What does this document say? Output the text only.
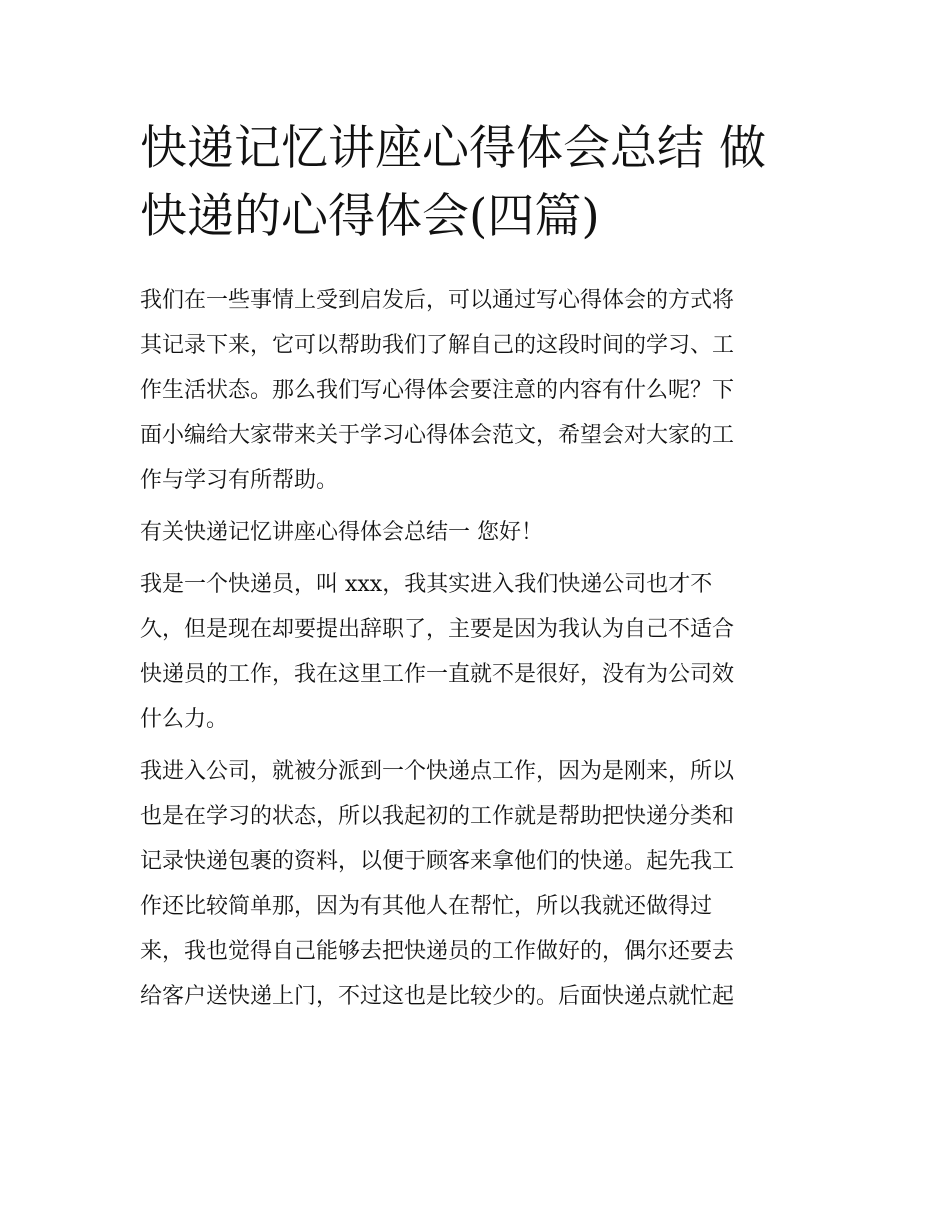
快递记忆讲座心得体会总结 做
快递的心得体会(四篇)
我们在一些事情上受到启发后，可以通过写心得体会的方式将
其记录下来，它可以帮助我们了解自己的这段时间的学习、工
作生活状态。那么我们写心得体会要注意的内容有什么呢？下
面小编给大家带来关于学习心得体会范文，希望会对大家的工
作与学习有所帮助。
有关快递记忆讲座心得体会总结一 您好！
我是一个快递员，叫 xxx，我其实进入我们快递公司也才不
久，但是现在却要提出辞职了，主要是因为我认为自己不适合
快递员的工作，我在这里工作一直就不是很好，没有为公司效
什么力。
我进入公司，就被分派到一个快递点工作，因为是刚来，所以
也是在学习的状态，所以我起初的工作就是帮助把快递分类和
记录快递包裹的资料，以便于顾客来拿他们的快递。起先我工
作还比较简单那，因为有其他人在帮忙，所以我就还做得过
来，我也觉得自己能够去把快递员的工作做好的，偶尔还要去
给客户送快递上门，不过这也是比较少的。后面快递点就忙起
